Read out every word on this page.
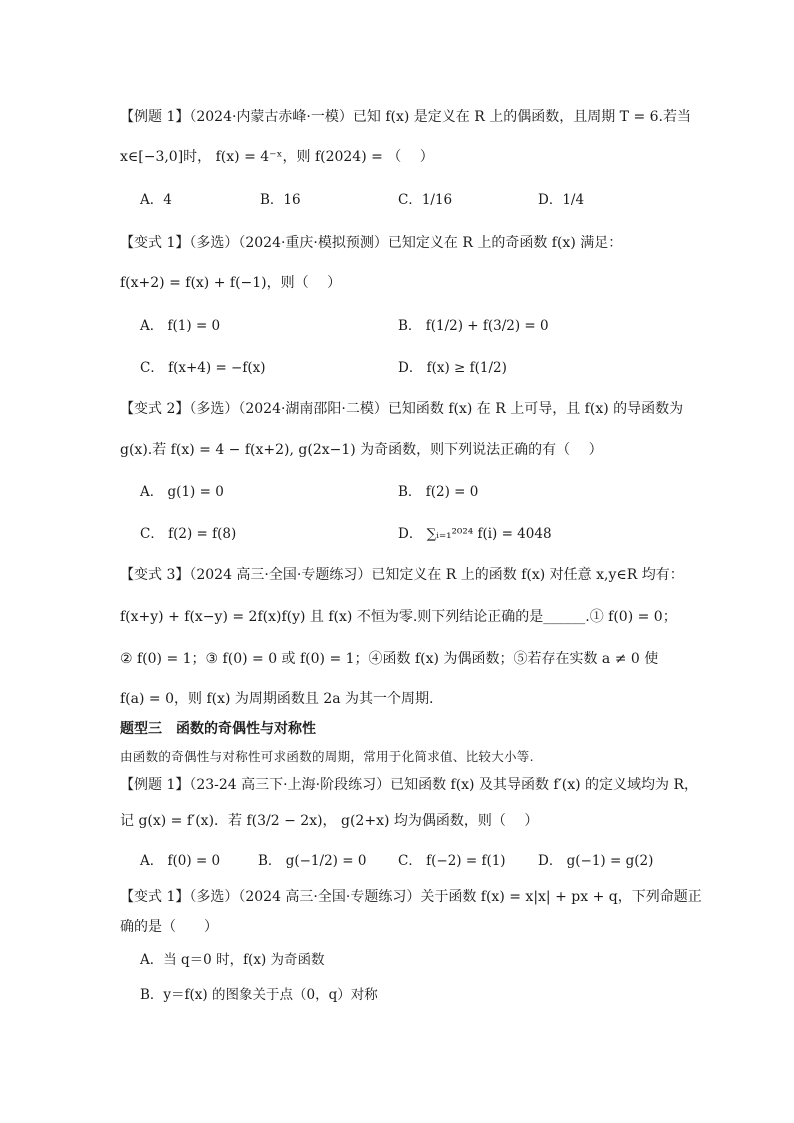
【例题 1】（2024·内蒙古赤峰·一模）已知 f(x) 是定义在 R 上的偶函数，且周期 T = 6.若当
x∈[−3,0]时， f(x) = 4⁻ˣ，则 f(2024) = （　 ）
A．4	B．16	C．1/16	D．1/4
【变式 1】（多选）（2024·重庆·模拟预测）已知定义在 R 上的奇函数 f(x) 满足：
f(x+2) = f(x) + f(−1)，则（　 ）
A． f(1) = 0	B． f(1/2) + f(3/2) = 0
C． f(x+4) = −f(x)	D． f(x) ≥ f(1/2)
【变式 2】（多选）（2024·湖南邵阳·二模）已知函数 f(x) 在 R 上可导，且 f(x) 的导函数为
g(x).若 f(x) = 4 − f(x+2), g(2x−1) 为奇函数，则下列说法正确的有（　 ）
A． g(1) = 0	B． f(2) = 0
C． f(2) = f(8)	D． ∑ᵢ₌₁²⁰²⁴ f(i) = 4048
【变式 3】（2024 高三·全国·专题练习）已知定义在 R 上的函数 f(x) 对任意 x,y∈R 均有：
f(x+y) + f(x−y) = 2f(x)f(y) 且 f(x) 不恒为零.则下列结论正确的是______.① f(0) = 0；
② f(0) = 1；③ f(0) = 0 或 f(0) = 1；④函数 f(x) 为偶函数；⑤若存在实数 a ≠ 0 使
f(a) = 0，则 f(x) 为周期函数且 2a 为其一个周期.
题型三　函数的奇偶性与对称性
由函数的奇偶性与对称性可求函数的周期，常用于化简求值、比较大小等.
【例题 1】（23-24 高三下·上海·阶段练习）已知函数 f(x) 及其导函数 f′(x) 的定义域均为 R，
记 g(x) = f′(x)．若 f(3/2 − 2x)， g(2+x) 均为偶函数，则（　 ）
A． f(0) = 0	B． g(−1/2) = 0 C． f(−2) = f(1) D． g(−1) = g(2)
【变式 1】（多选）（2024 高三·全国·专题练习）关于函数 f(x) = x|x| + px + q，下列命题正
确的是（　　）
A．当 q＝0 时，f(x) 为奇函数
B．y＝f(x) 的图象关于点（0，q）对称
